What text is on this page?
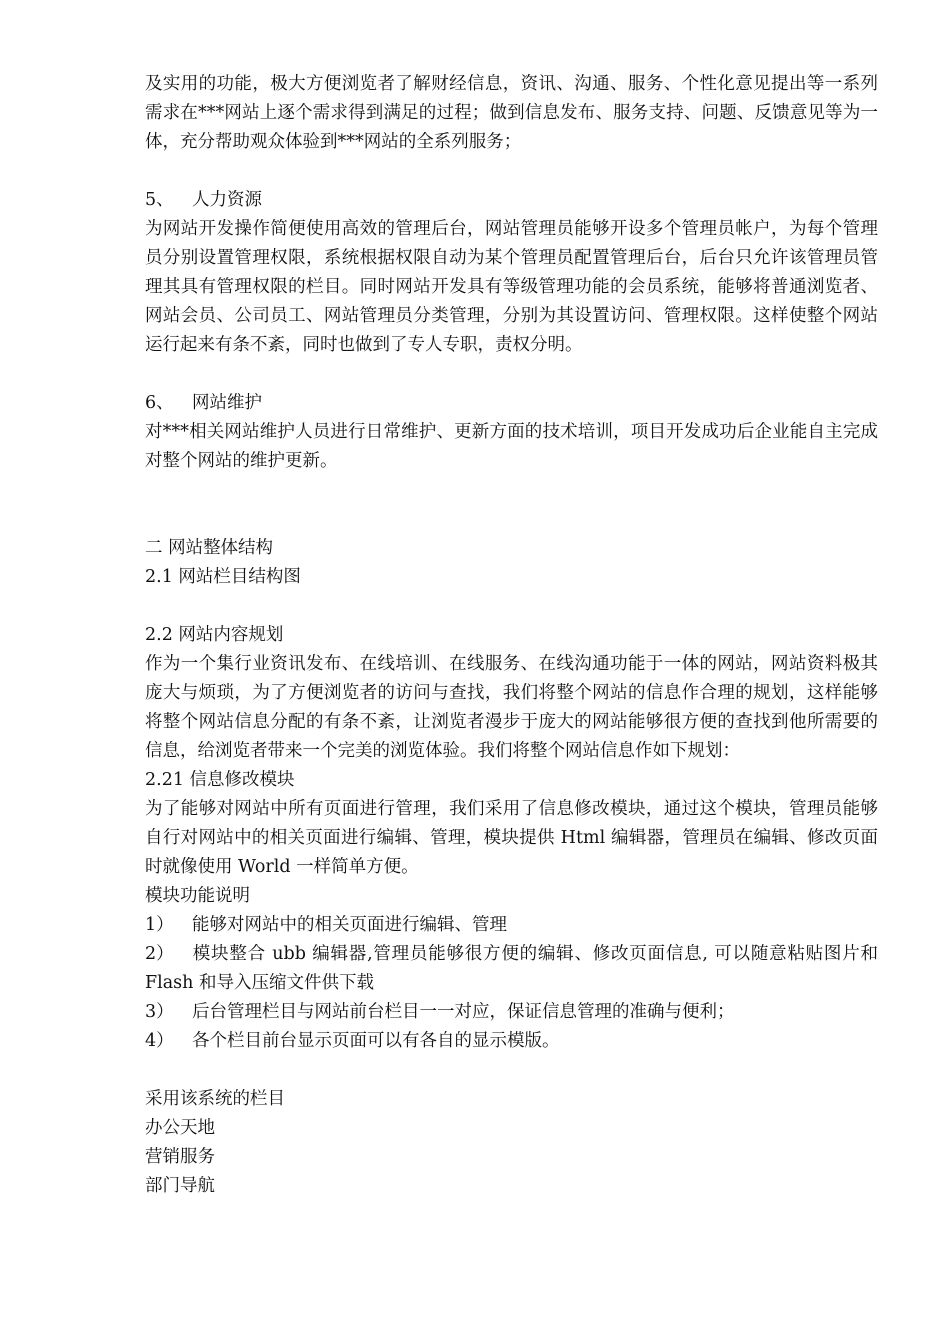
及实用的功能，极大方便浏览者了解财经信息，资讯、沟通、服务、个性化意见提出等一系列需求在***网站上逐个需求得到满足的过程；做到信息发布、服务支持、问题、反馈意见等为一体，充分帮助观众体验到***网站的全系列服务；

5、	人力资源

为网站开发操作简便使用高效的管理后台，网站管理员能够开设多个管理员帐户，为每个管理员分别设置管理权限，系统根据权限自动为某个管理员配置管理后台，后台只允许该管理员管理其具有管理权限的栏目。同时网站开发具有等级管理功能的会员系统，能够将普通浏览者、网站会员、公司员工、网站管理员分类管理，分别为其设置访问、管理权限。这样使整个网站运行起来有条不紊，同时也做到了专人专职，责权分明。

6、	网站维护

对***相关网站维护人员进行日常维护、更新方面的技术培训，项目开发成功后企业能自主完成对整个网站的维护更新。

二 网站整体结构

2.1 网站栏目结构图

2.2 网站内容规划

作为一个集行业资讯发布、在线培训、在线服务、在线沟通功能于一体的网站，网站资料极其庞大与烦琐，为了方便浏览者的访问与查找，我们将整个网站的信息作合理的规划，这样能够将整个网站信息分配的有条不紊，让浏览者漫步于庞大的网站能够很方便的查找到他所需要的信息，给浏览者带来一个完美的浏览体验。我们将整个网站信息作如下规划：

2.21 信息修改模块

为了能够对网站中所有页面进行管理，我们采用了信息修改模块，通过这个模块，管理员能够自行对网站中的相关页面进行编辑、管理，模块提供 Html 编辑器，管理员在编辑、修改页面时就像使用 World 一样简单方便。

模块功能说明

1） 能够对网站中的相关页面进行编辑、管理

2） 模块整合 ubb 编辑器,管理员能够很方便的编辑、修改页面信息, 可以随意粘贴图片和 Flash 和导入压缩文件供下载

3） 后台管理栏目与网站前台栏目一一对应，保证信息管理的准确与便利；

4） 各个栏目前台显示页面可以有各自的显示模版。

采用该系统的栏目

办公天地

营销服务

部门导航
